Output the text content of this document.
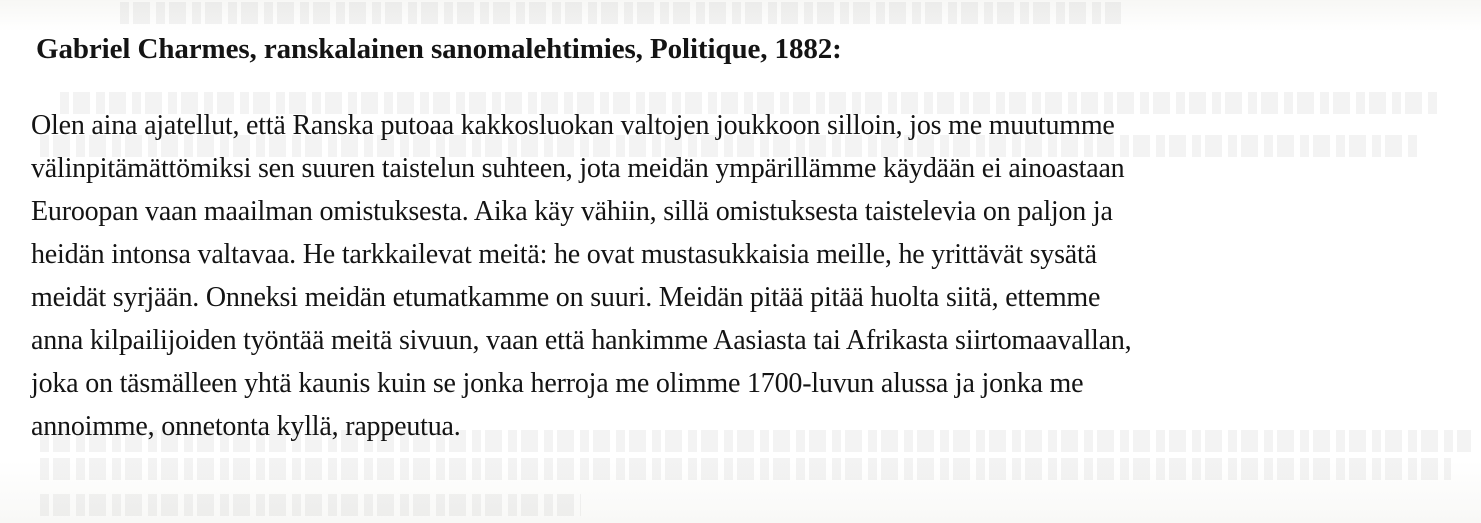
Gabriel Charmes, ranskalainen sanomalehtimies, Politique, 1882:

Olen aina ajatellut, että Ranska putoaa kakkosluokan valtojen joukkoon silloin, jos me muutumme
välinpitämättömiksi sen suuren taistelun suhteen, jota meidän ympärillämme käydään ei ainoastaan
Euroopan vaan maailman omistuksesta. Aika käy vähiin, sillä omistuksesta taistelevia on paljon ja
heidän intonsa valtavaa. He tarkkailevat meitä: he ovat mustasukkaisia meille, he yrittävät sysätä
meidät syrjään. Onneksi meidän etumatkamme on suuri. Meidän pitää pitää huolta siitä, ettemme
anna kilpailijoiden työntää meitä sivuun, vaan että hankimme Aasiasta tai Afrikasta siirtomaavallan,
joka on täsmälleen yhtä kaunis kuin se jonka herroja me olimme 1700-luvun alussa ja jonka me
annoimme, onnetonta kyllä, rappeutua.
